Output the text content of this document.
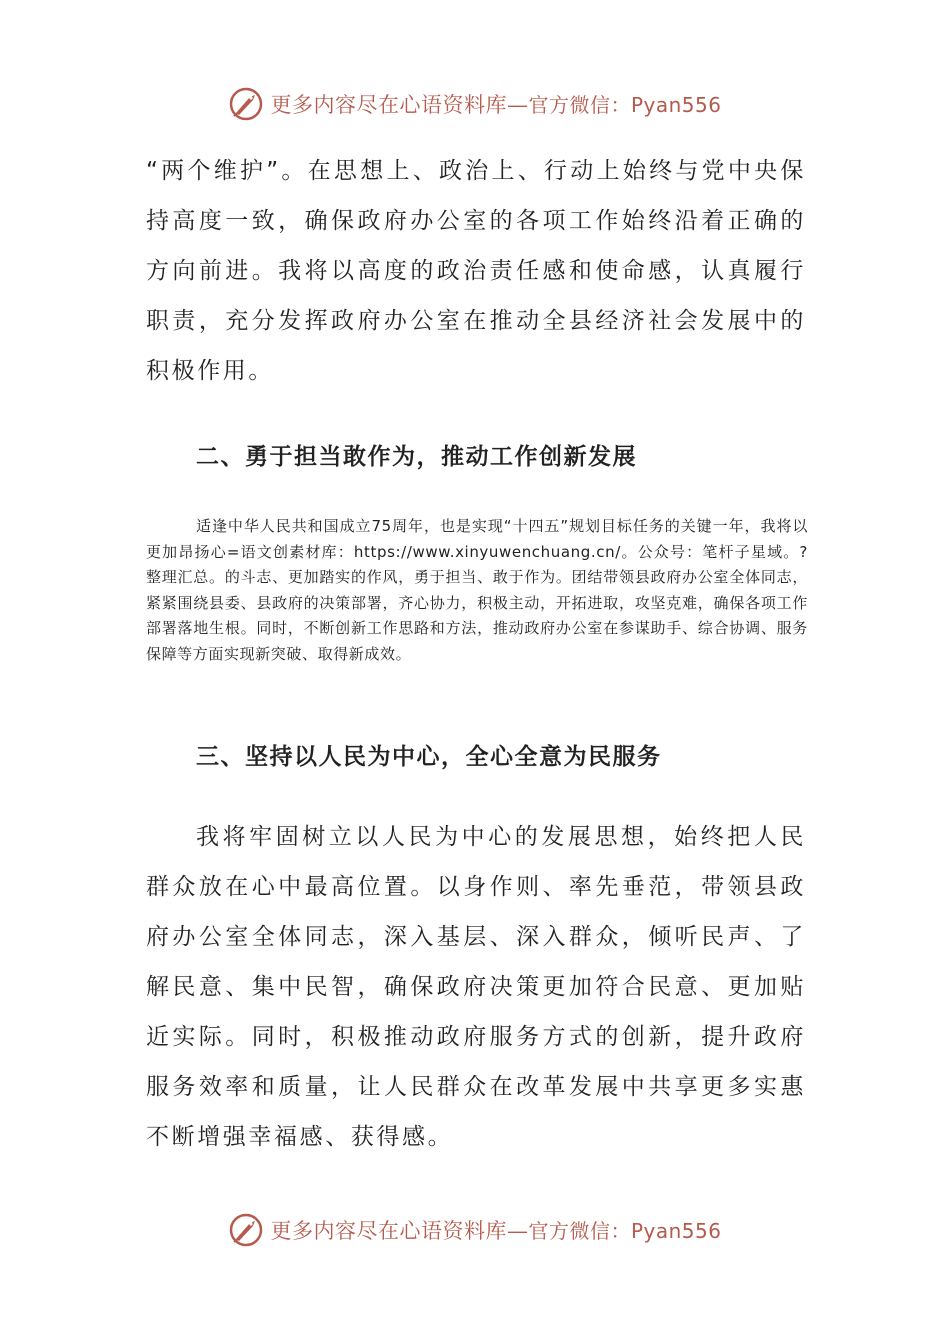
更多内容尽在心语资料库—官方微信：Pyan556

“两个维护”。在思想上、政治上、行动上始终与党中央保持高度一致，确保政府办公室的各项工作始终沿着正确的方向前进。我将以高度的政治责任感和使命感，认真履行职责，充分发挥政府办公室在推动全县经济社会发展中的积极作用。

二、勇于担当敢作为，推动工作创新发展

适逢中华人民共和国成立75周年，也是实现“十四五”规划目标任务的关键一年，我将以更加昂扬心=语文创素材库：https://www.xinyuwenchuang.cn/。公众号：笔杆子星域。?整理汇总。的斗志、更加踏实的作风，勇于担当、敢于作为。团结带领县政府办公室全体同志，紧紧围绕县委、县政府的决策部署，齐心协力，积极主动，开拓进取，攻坚克难，确保各项工作部署落地生根。同时，不断创新工作思路和方法，推动政府办公室在参谋助手、综合协调、服务保障等方面实现新突破、取得新成效。

三、坚持以人民为中心，全心全意为民服务

我将牢固树立以人民为中心的发展思想，始终把人民群众放在心中最高位置。以身作则、率先垂范，带领县政府办公室全体同志，深入基层、深入群众，倾听民声、了解民意、集中民智，确保政府决策更加符合民意、更加贴近实际。同时，积极推动政府服务方式的创新，提升政府服务效率和质量，让人民群众在改革发展中共享更多实惠不断增强幸福感、获得感。

更多内容尽在心语资料库—官方微信：Pyan556
